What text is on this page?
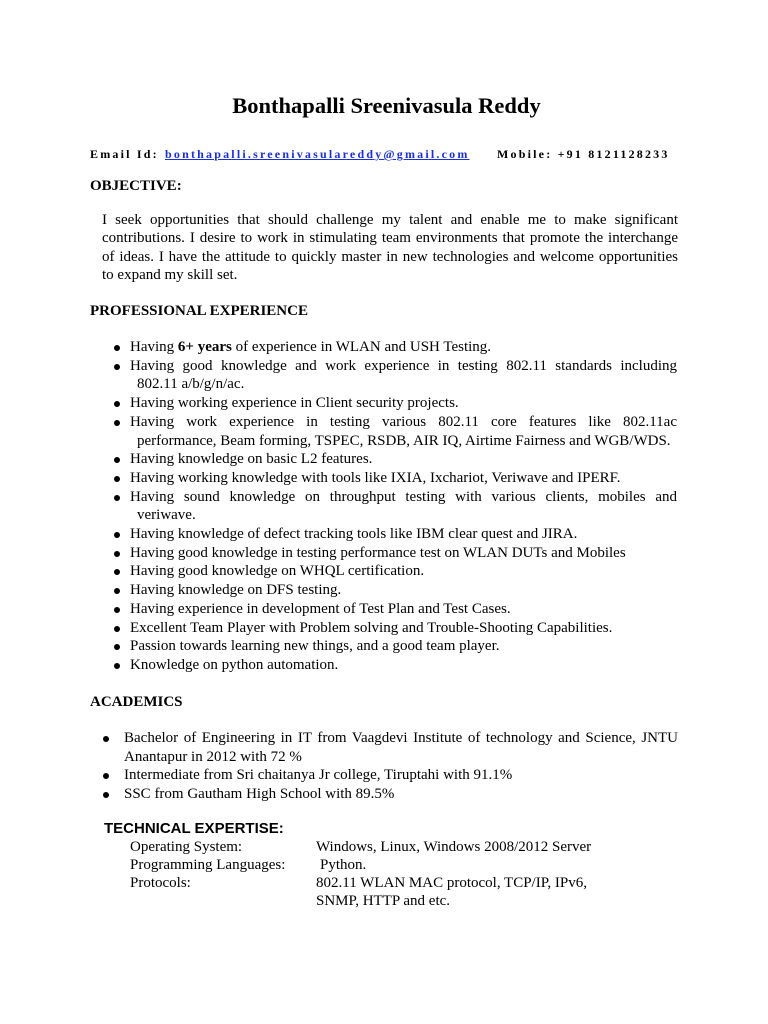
Bonthapalli Sreenivasula Reddy
Email Id: bonthapalli.sreenivasulareddy@gmail.com Mobile: +91 8121128233
OBJECTIVE:
I seek opportunities that should challenge my talent and enable me to make significant
contributions. I desire to work in stimulating team environments that promote the interchange
of ideas. I have the attitude to quickly master in new technologies and welcome opportunities
to expand my skill set.
PROFESSIONAL EXPERIENCE
Having 6+ years of experience in WLAN and USH Testing.
Having good knowledge and work experience in testing 802.11 standards including
802.11 a/b/g/n/ac.
Having working experience in Client security projects.
Having work experience in testing various 802.11 core features like 802.11ac
performance, Beam forming, TSPEC, RSDB, AIR IQ, Airtime Fairness and WGB/WDS.
Having knowledge on basic L2 features.
Having working knowledge with tools like IXIA, Ixchariot, Veriwave and IPERF.
Having sound knowledge on throughput testing with various clients, mobiles and
veriwave.
Having knowledge of defect tracking tools like IBM clear quest and JIRA.
Having good knowledge in testing performance test on WLAN DUTs and Mobiles
Having good knowledge on WHQL certification.
Having knowledge on DFS testing.
Having experience in development of Test Plan and Test Cases.
Excellent Team Player with Problem solving and Trouble-Shooting Capabilities.
Passion towards learning new things, and a good team player.
Knowledge on python automation.
ACADEMICS
Bachelor of Engineering in IT from Vaagdevi Institute of technology and Science, JNTU
Anantapur in 2012 with 72 %
Intermediate from Sri chaitanya Jr college, Tiruptahi with 91.1%
SSC from Gautham High School with 89.5%
TECHNICAL EXPERTISE:
Operating System:	Windows, Linux, Windows 2008/2012 Server
Programming Languages:	Python.
Protocols:	802.11 WLAN MAC protocol, TCP/IP, IPv6,
SNMP, HTTP and etc.
